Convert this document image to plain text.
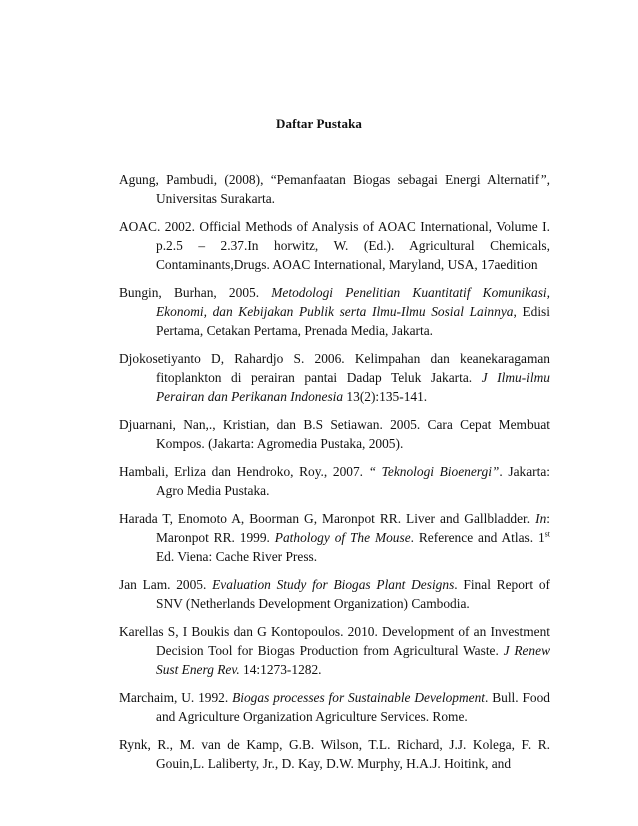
Daftar Pustaka

Agung, Pambudi, (2008), “Pemanfaatan Biogas sebagai Energi Alternatif”, Universitas Surakarta.

AOAC. 2002. Official Methods of Analysis of AOAC International, Volume I. p.2.5 – 2.37.In horwitz, W. (Ed.). Agricultural Chemicals, Contaminants,Drugs. AOAC International, Maryland, USA, 17aedition

Bungin, Burhan, 2005. Metodologi Penelitian Kuantitatif Komunikasi, Ekonomi, dan Kebijakan Publik serta Ilmu-Ilmu Sosial Lainnya, Edisi Pertama, Cetakan Pertama, Prenada Media, Jakarta.

Djokosetiyanto D, Rahardjo S. 2006. Kelimpahan dan keanekaragaman fitoplankton di perairan pantai Dadap Teluk Jakarta. J Ilmu-ilmu Perairan dan Perikanan Indonesia 13(2):135-141.

Djuarnani, Nan,., Kristian, dan B.S Setiawan. 2005. Cara Cepat Membuat Kompos. (Jakarta: Agromedia Pustaka, 2005).

Hambali, Erliza dan Hendroko, Roy., 2007. “ Teknologi Bioenergi”. Jakarta: Agro Media Pustaka.

Harada T, Enomoto A, Boorman G, Maronpot RR. Liver and Gallbladder. In: Maronpot RR. 1999. Pathology of The Mouse. Reference and Atlas. 1st Ed. Viena: Cache River Press.

Jan Lam. 2005. Evaluation Study for Biogas Plant Designs. Final Report of SNV (Netherlands Development Organization) Cambodia.

Karellas S, I Boukis dan G Kontopoulos. 2010. Development of an Investment Decision Tool for Biogas Production from Agricultural Waste. J Renew Sust Energ Rev. 14:1273-1282.

Marchaim, U. 1992. Biogas processes for Sustainable Development. Bull. Food and Agriculture Organization Agriculture Services. Rome.

Rynk, R., M. van de Kamp, G.B. Wilson, T.L. Richard, J.J. Kolega, F. R. Gouin,L. Laliberty, Jr., D. Kay, D.W. Murphy, H.A.J. Hoitink, and
